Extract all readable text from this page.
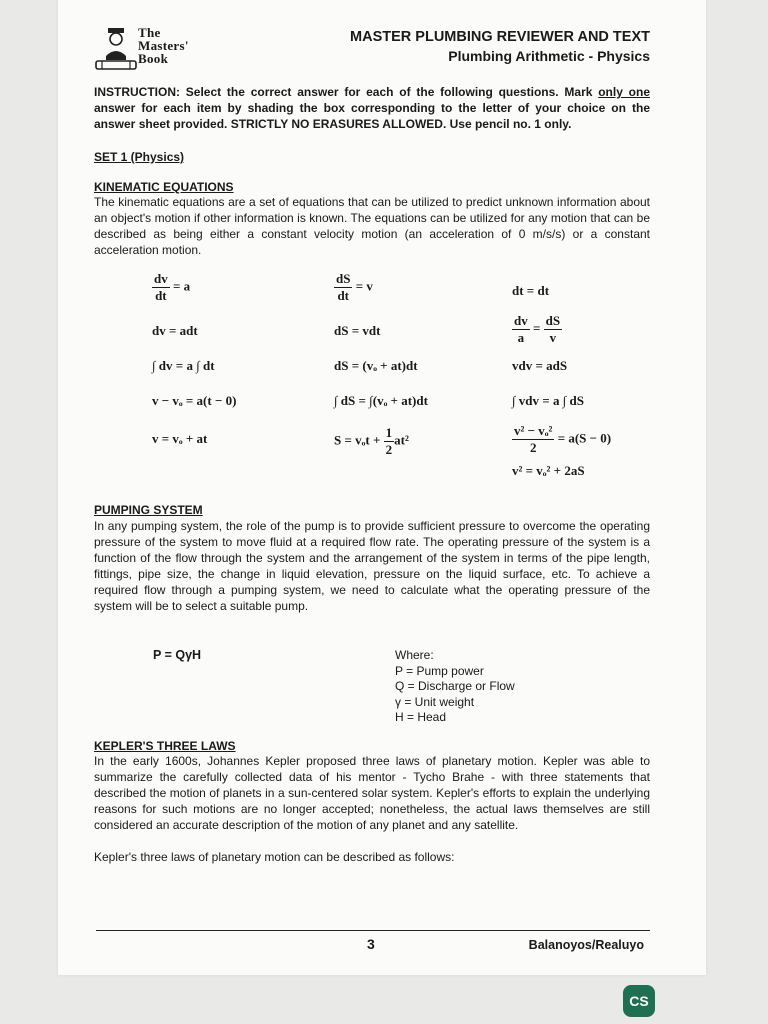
The
Masters'
Book
MASTER PLUMBING REVIEWER AND TEXT
Plumbing Arithmetic - Physics
INSTRUCTION: Select the correct answer for each of the following questions. Mark only one answer for each item by shading the box corresponding to the letter of your choice on the answer sheet provided. STRICTLY NO ERASURES ALLOWED. Use pencil no. 1 only.
SET 1 (Physics)
KINEMATIC EQUATIONS
The kinematic equations are a set of equations that can be utilized to predict unknown information about an object's motion if other information is known. The equations can be utilized for any motion that can be described as being either a constant velocity motion (an acceleration of 0 m/s/s) or a constant acceleration motion.
$\frac{dv}{dt} = a$
dv = adt
∫ dv = a ∫ dt
v − vₒ = a(t − 0)
v = vₒ + at
$\frac{dS}{dt} = v$
dS = vdt
dS = (vₒ + at)dt
∫ dS = ∫(vₒ + at)dt
$S = v_ot + \frac{1}{2} at^2$
dt = dt
$\frac{dv}{a} = \frac{dS}{v}$
vdv = adS
∫ vdv = a ∫ dS
$\frac{\text{v² − vₒ²}}{2} = a(S - 0)$
v² = vₒ² + 2aS
PUMPING SYSTEM
In any pumping system, the role of the pump is to provide sufficient pressure to overcome the operating pressure of the system to move fluid at a required flow rate. The operating pressure of the system is a function of the flow through the system and the arrangement of the system in terms of the pipe length, fittings, pipe size, the change in liquid elevation, pressure on the liquid surface, etc. To achieve a required flow through a pumping system, we need to calculate what the operating pressure of the system will be to select a suitable pump.
P = QγH	Where:
P = Pump power
Q = Discharge or Flow
γ = Unit weight
H = Head
KEPLER'S THREE LAWS
In the early 1600s, Johannes Kepler proposed three laws of planetary motion. Kepler was able to summarize the carefully collected data of his mentor - Tycho Brahe - with three statements that described the motion of planets in a sun-centered solar system. Kepler's efforts to explain the underlying reasons for such motions are no longer accepted; nonetheless, the actual laws themselves are still considered an accurate description of the motion of any planet and any satellite.
Kepler's three laws of planetary motion can be described as follows:
3	Balanoyos/Realuyo
CS
